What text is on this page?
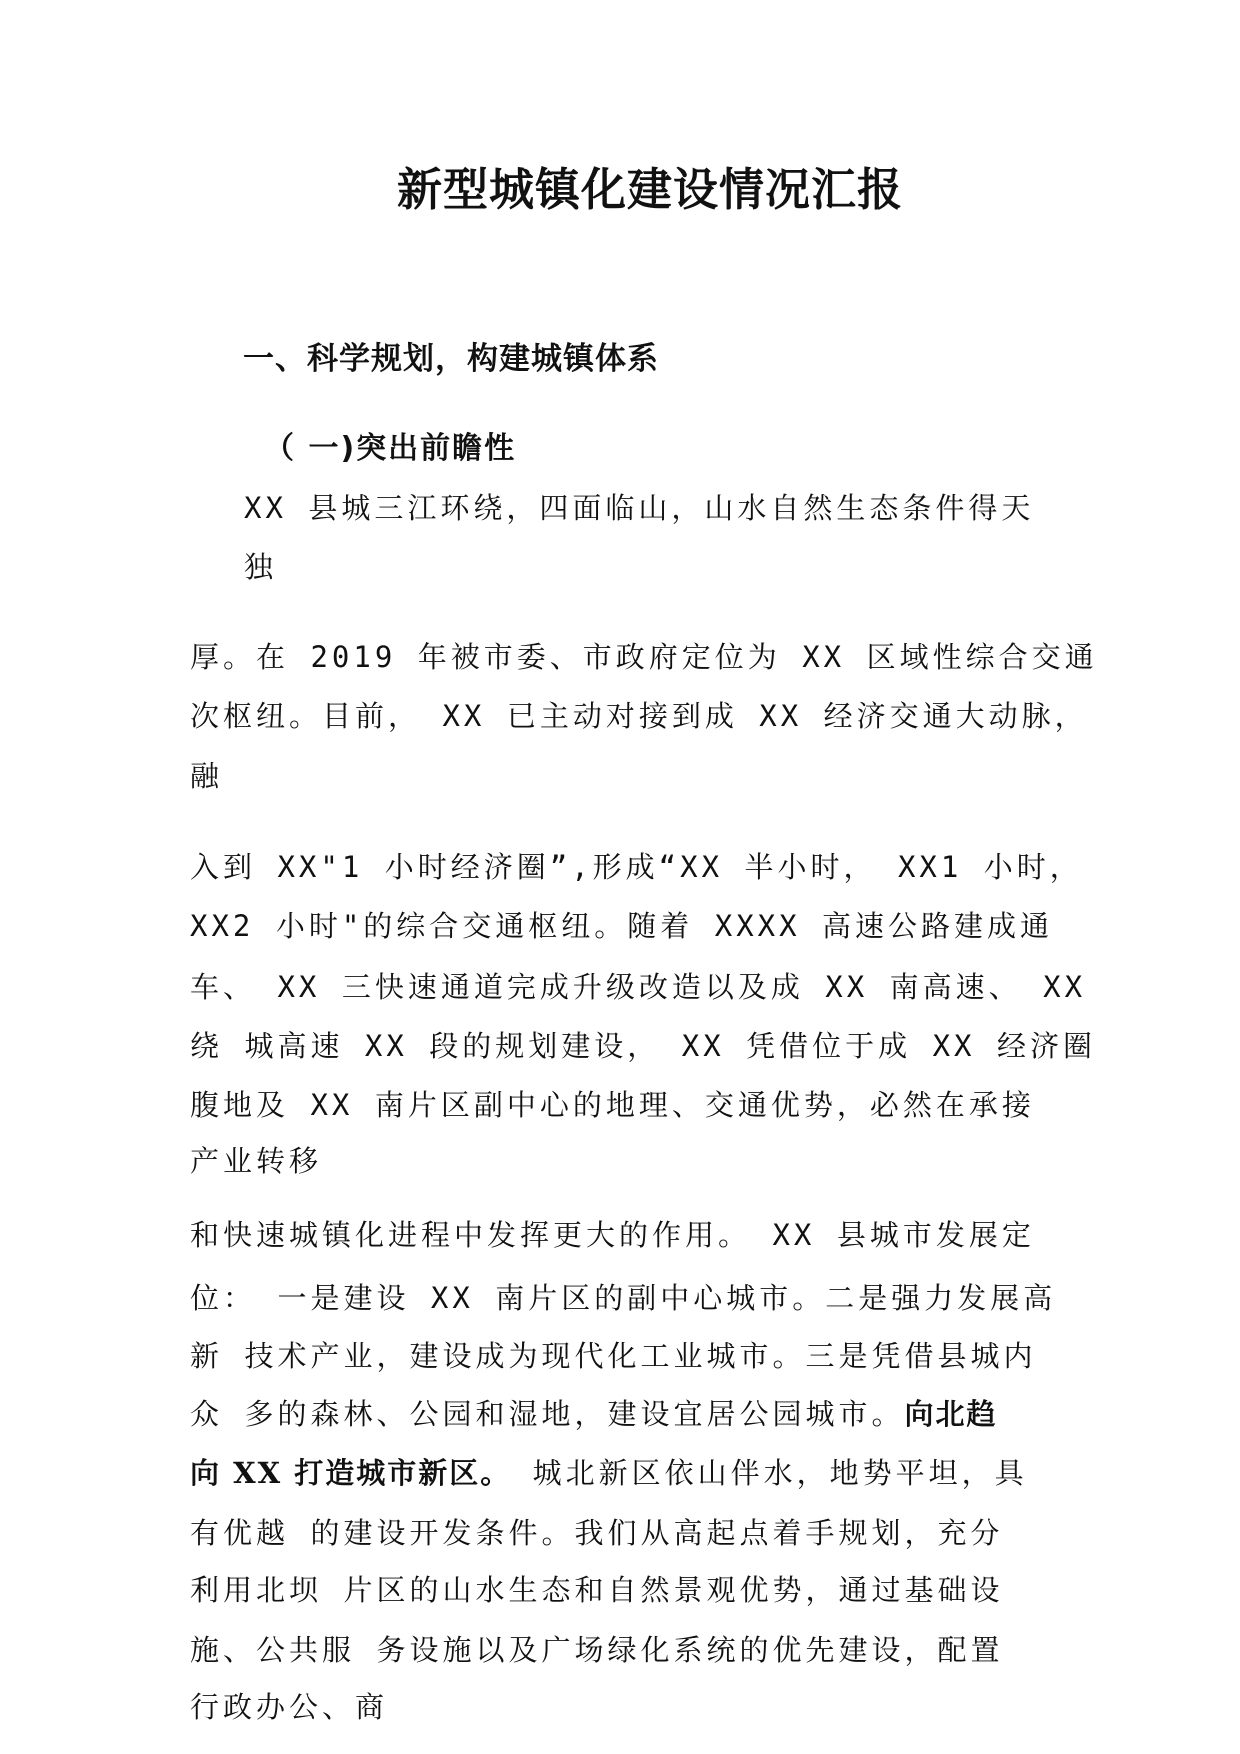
新型城镇化建设情况汇报
一、科学规划，构建城镇体系
（ 一)突出前瞻性
XX 县城三江环绕，四面临山，山水自然生态条件得天
独
厚。在 2019 年被市委、市政府定位为 XX 区域性综合交通
次枢纽。目前， XX 已主动对接到成 XX 经济交通大动脉，
融
入到 XX"1 小时经济圈”,形成“XX 半小时， XX1 小时，
XX2 小时"的综合交通枢纽。随着 XXXX 高速公路建成通
车、 XX 三快速通道完成升级改造以及成 XX 南高速、 XX
绕 城高速 XX 段的规划建设， XX 凭借位于成 XX 经济圈
腹地及 XX 南片区副中心的地理、交通优势，必然在承接
产业转移
和快速城镇化进程中发挥更大的作用。 XX 县城市发展定
位： 一是建设 XX 南片区的副中心城市。二是强力发展高
新 技术产业，建设成为现代化工业城市。三是凭借县城内
众 多的森林、公园和湿地，建设宜居公园城市。向北趋
向 XX 打造城市新区。 城北新区依山伴水，地势平坦，具
有优越 的建设开发条件。我们从高起点着手规划，充分
利用北坝 片区的山水生态和自然景观优势，通过基础设
施、公共服 务设施以及广场绿化系统的优先建设，配置
行政办公、商
